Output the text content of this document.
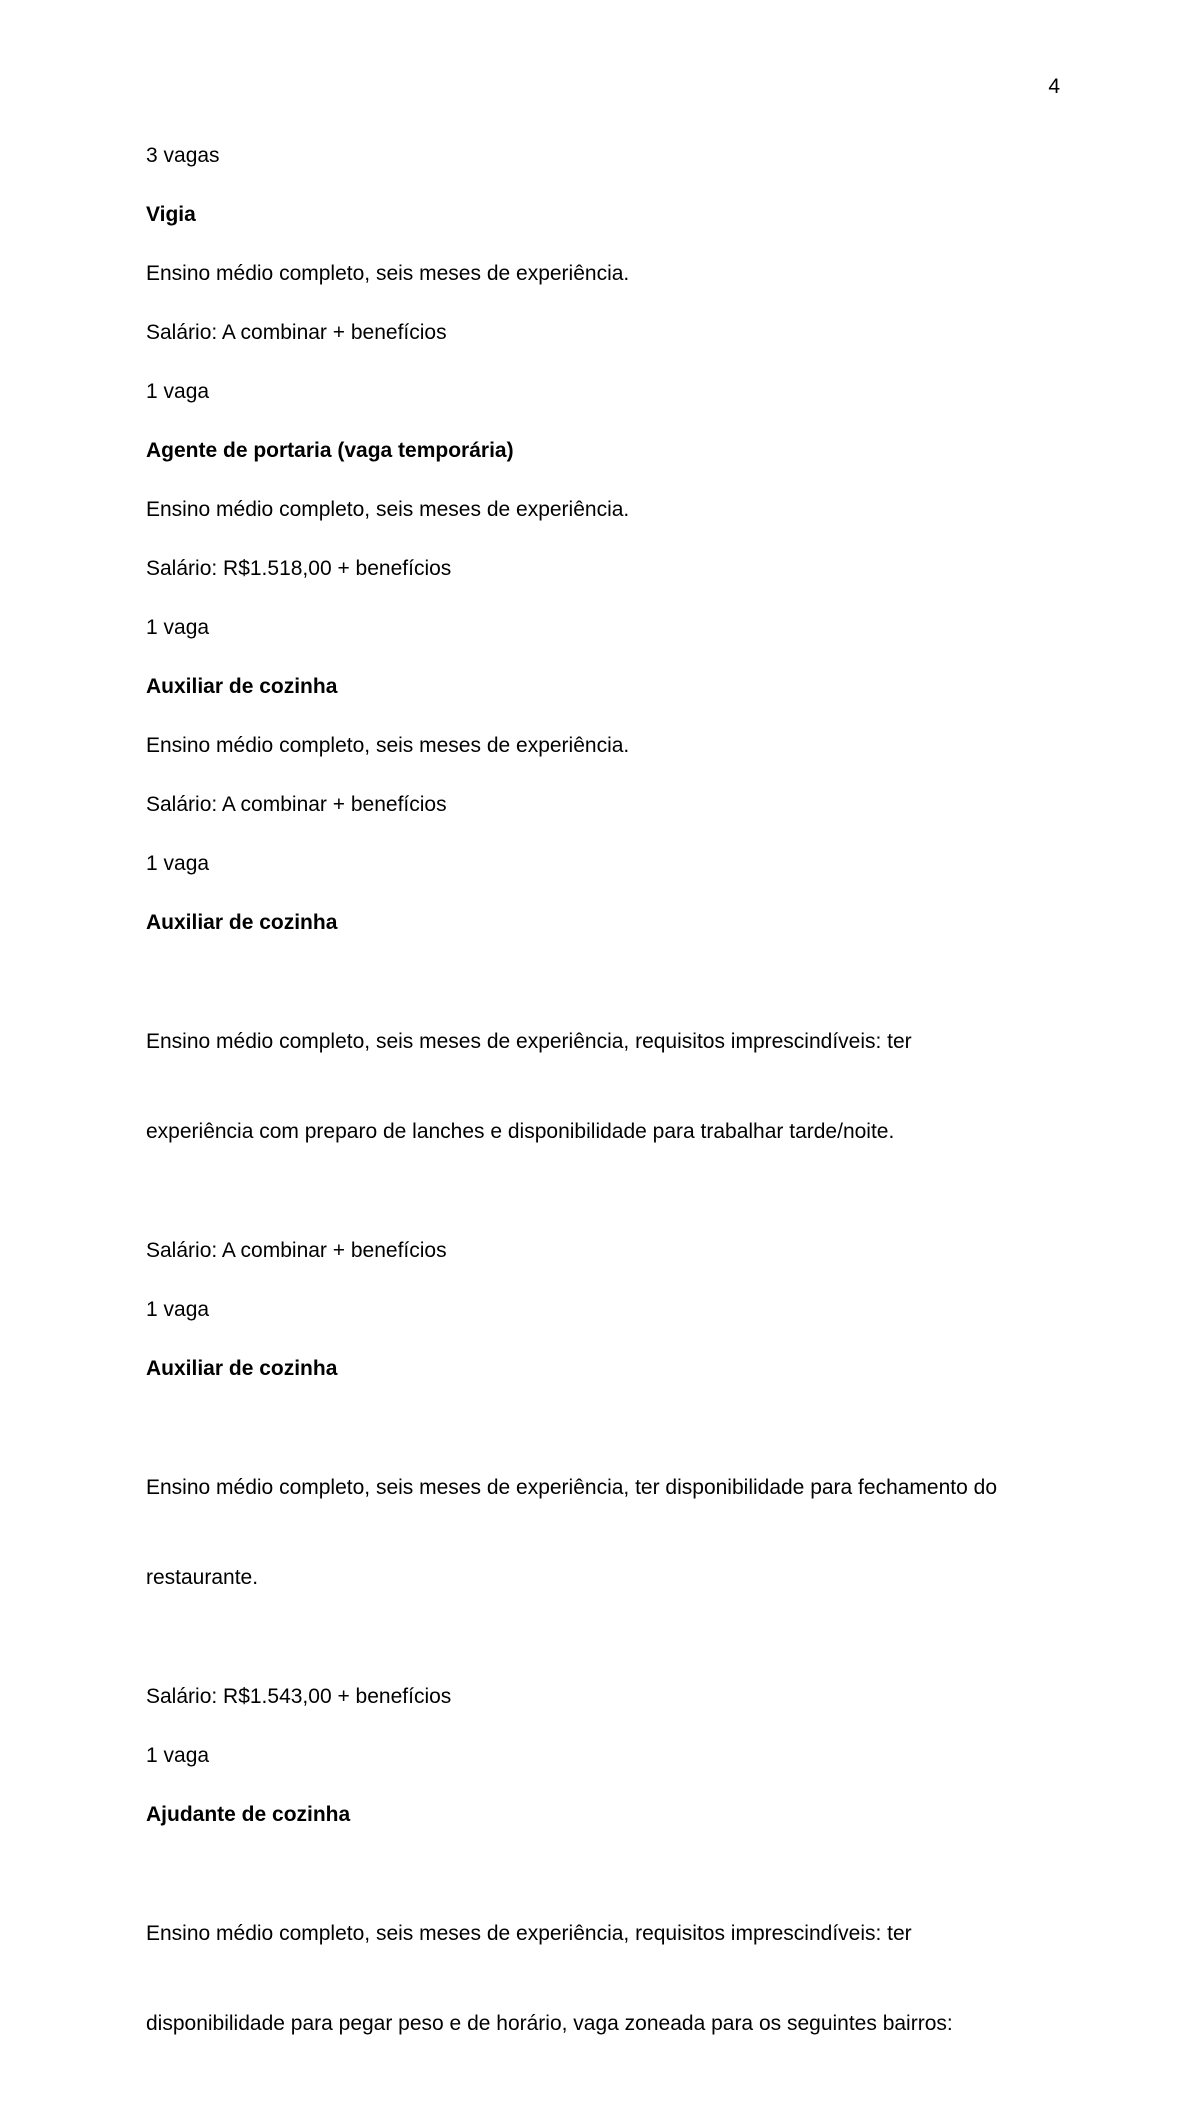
4

3 vagas

Vigia

Ensino médio completo, seis meses de experiência.

Salário: A combinar + benefícios

1 vaga

Agente de portaria (vaga temporária)

Ensino médio completo, seis meses de experiência.

Salário: R$1.518,00 + benefícios

1 vaga

Auxiliar de cozinha

Ensino médio completo, seis meses de experiência.

Salário: A combinar + benefícios

1 vaga

Auxiliar de cozinha

Ensino médio completo, seis meses de experiência, requisitos imprescindíveis: ter

experiência com preparo de lanches e disponibilidade para trabalhar tarde/noite.

Salário: A combinar + benefícios

1 vaga

Auxiliar de cozinha

Ensino médio completo, seis meses de experiência, ter disponibilidade para fechamento do

restaurante.

Salário: R$1.543,00 + benefícios

1 vaga

Ajudante de cozinha

Ensino médio completo, seis meses de experiência, requisitos imprescindíveis: ter

disponibilidade para pegar peso e de horário, vaga zoneada para os seguintes bairros:
